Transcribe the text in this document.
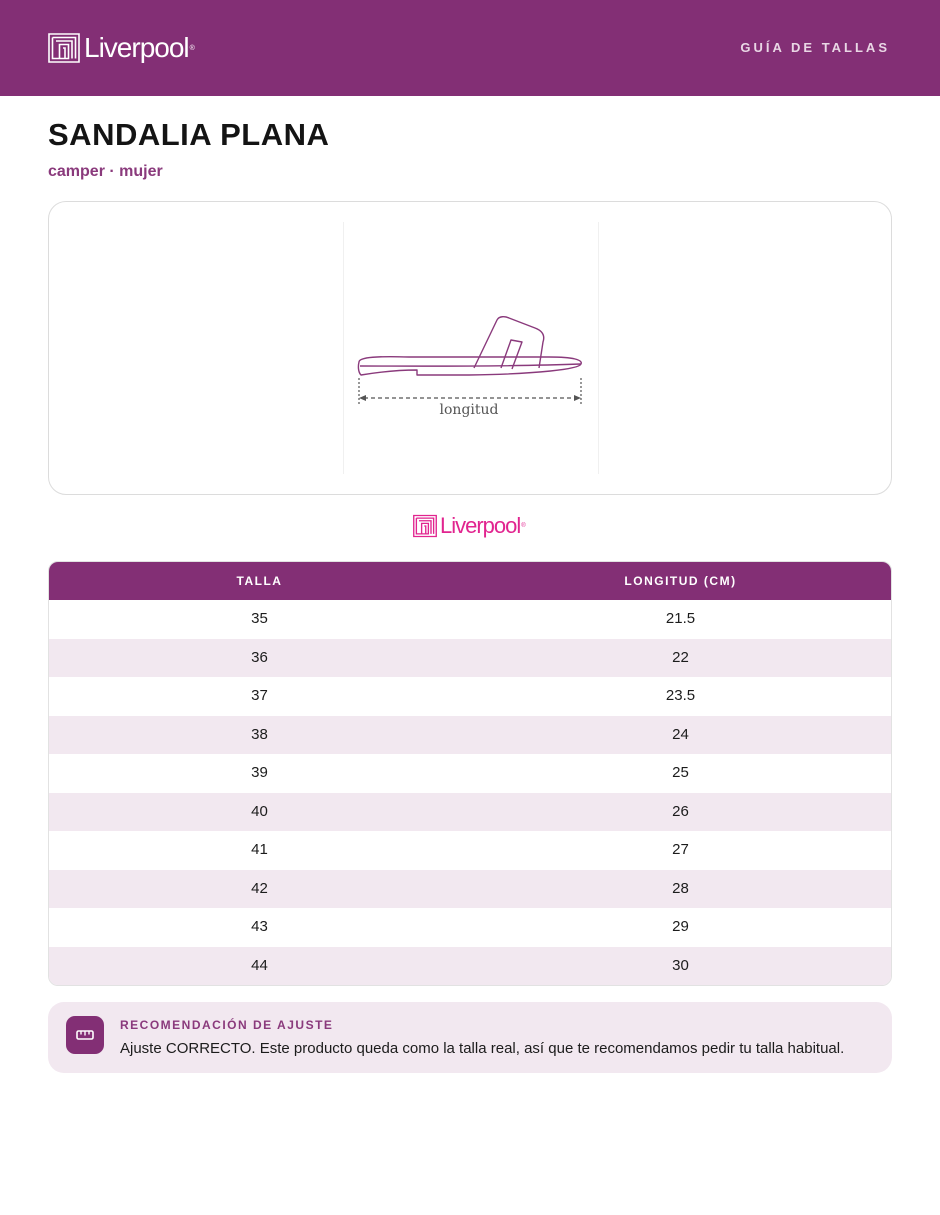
Liverpool ®	GUÍA DE TALLAS
SANDALIA PLANA
camper · mujer
longitud
Liverpool ®
TALLA	LONGITUD (CM)
35	21.5
36	22
37	23.5
38	24
39	25
40	26
41	27
42	28
43	29
44	30
RECOMENDACIÓN DE AJUSTE
Ajuste CORRECTO. Este producto queda como la talla real, así que te recomendamos pedir tu talla habitual.
